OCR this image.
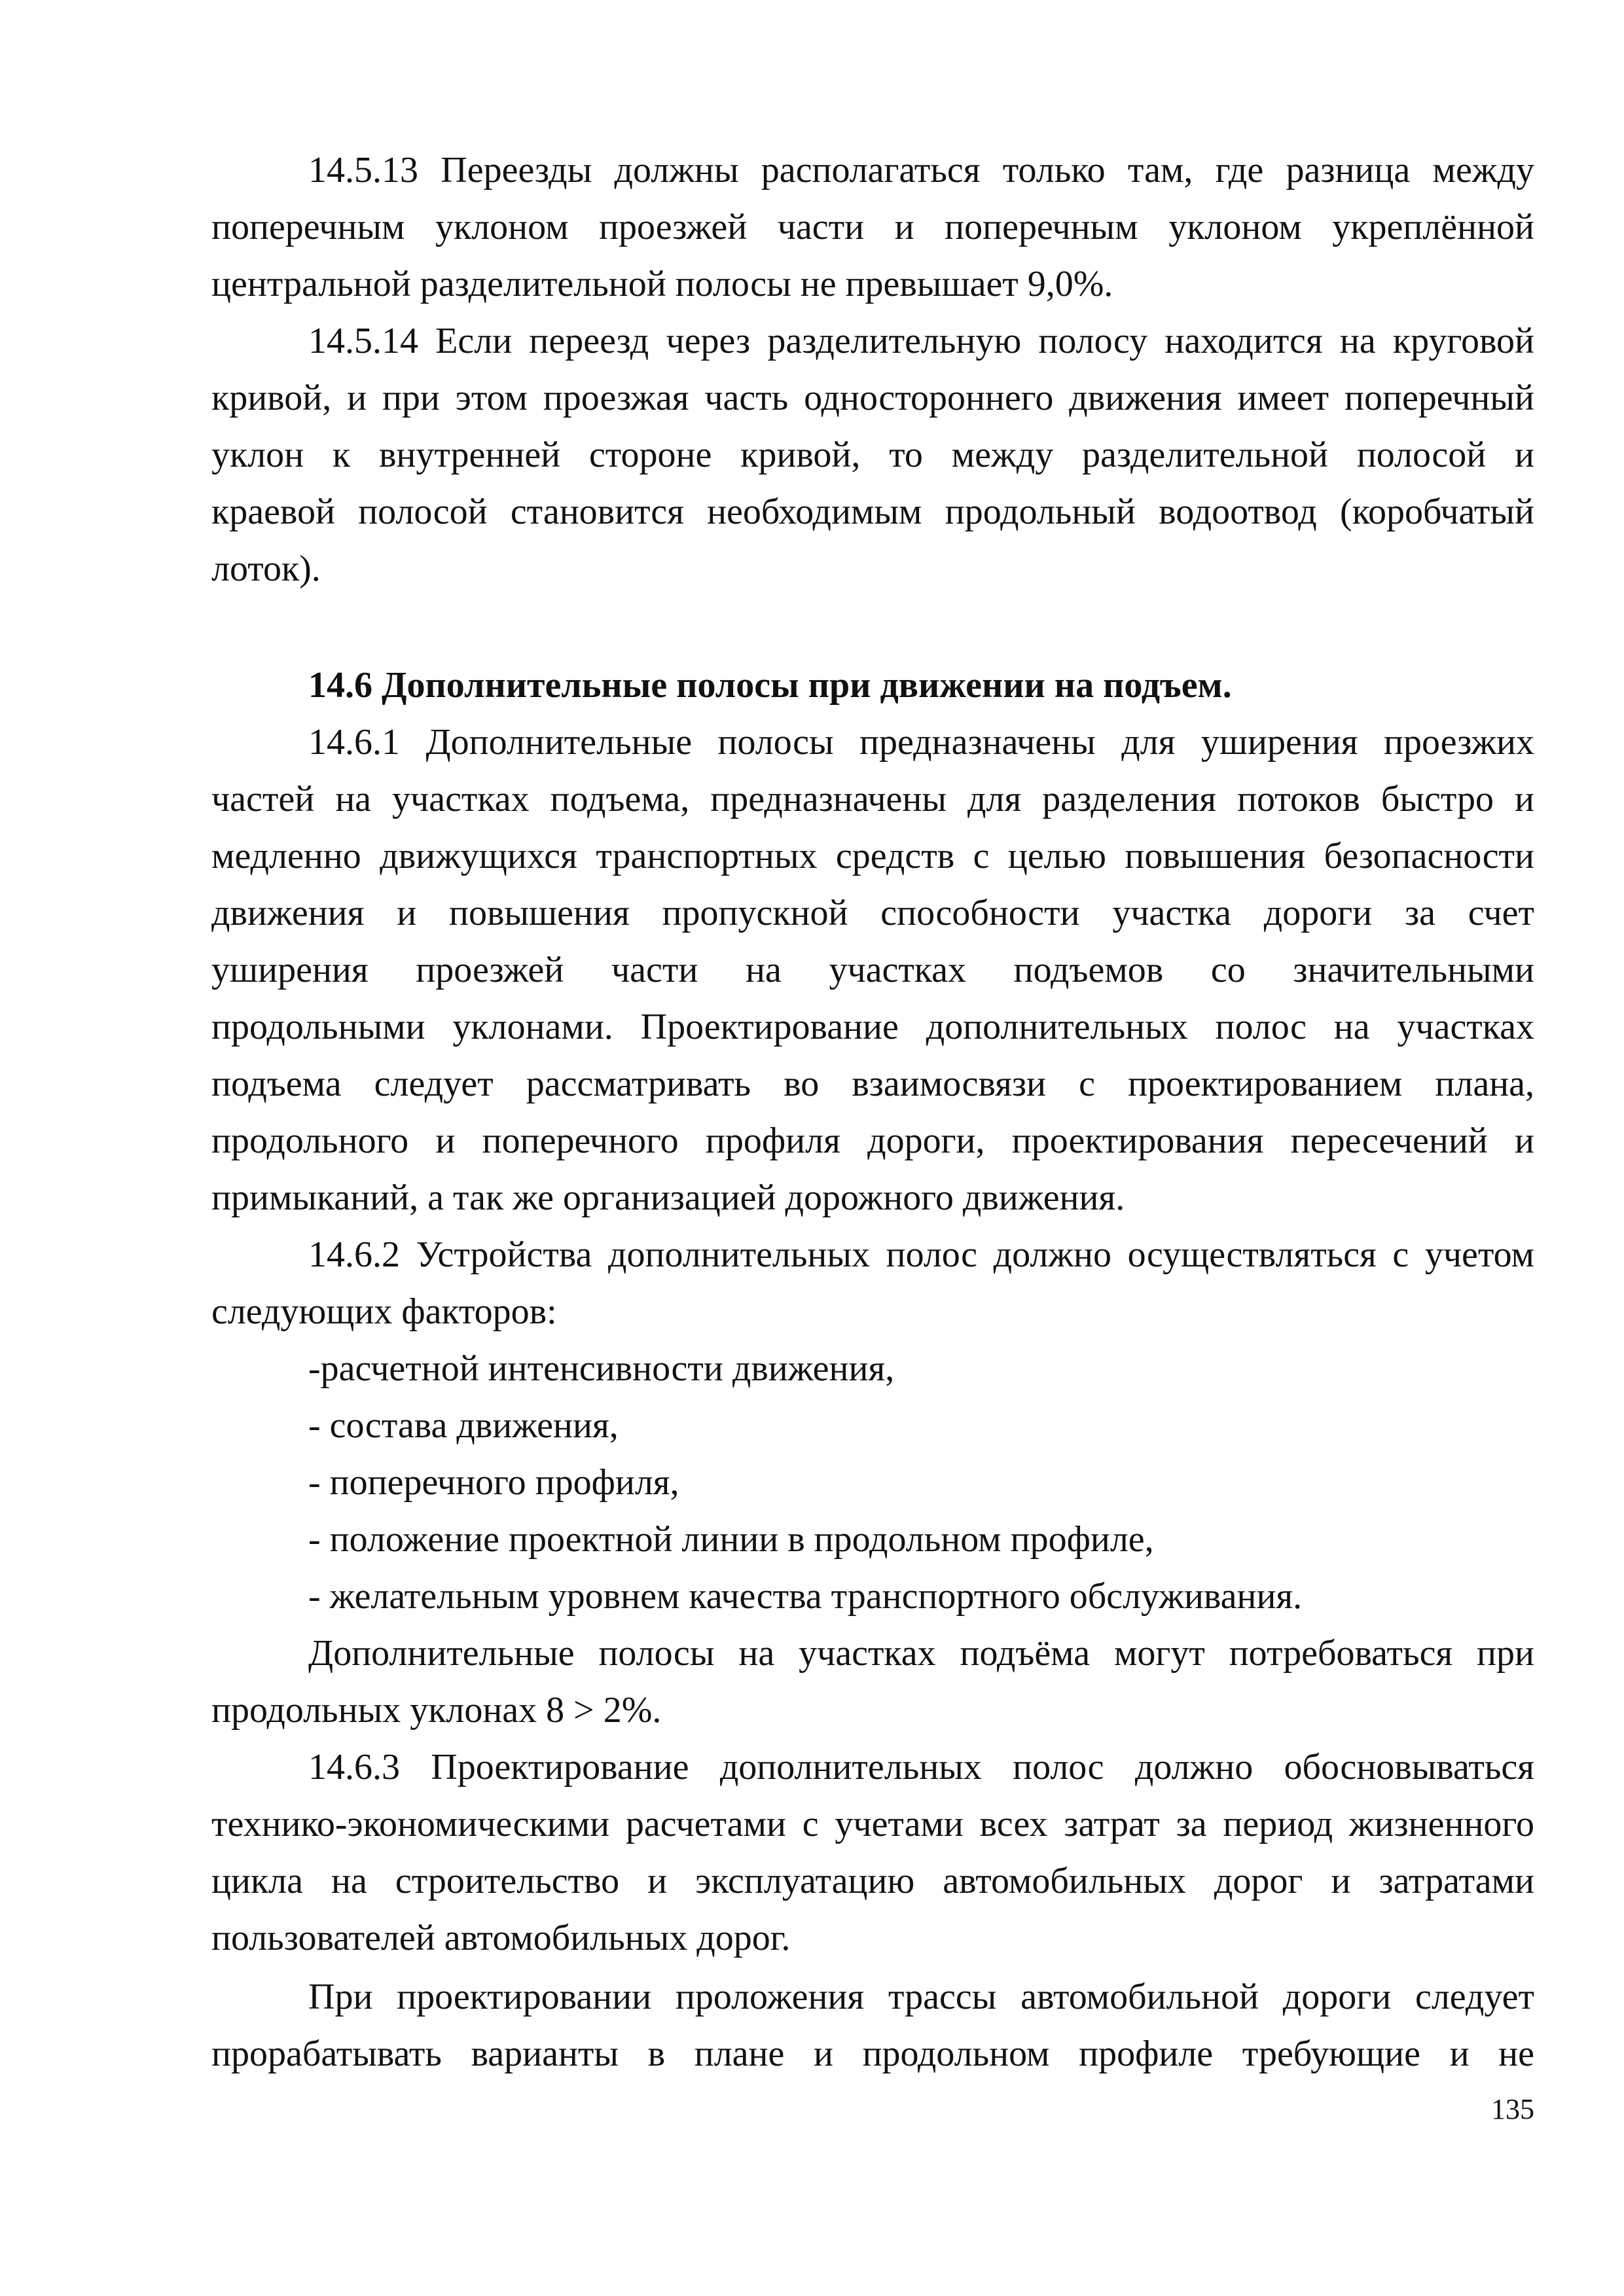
14.5.13 Переезды должны располагаться только там, где разница между
поперечным уклоном проезжей части и поперечным уклоном укреплённой
центральной разделительной полосы не превышает 9,0%.
14.5.14 Если переезд через разделительную полосу находится на круговой
кривой, и при этом проезжая часть одностороннего движения имеет поперечный
уклон к внутренней стороне кривой, то между разделительной полосой и
краевой полосой становится необходимым продольный водоотвод (коробчатый
лоток).
14.6 Дополнительные полосы при движении на подъем.
14.6.1 Дополнительные полосы предназначены для уширения проезжих
частей на участках подъема, предназначены для разделения потоков быстро и
медленно движущихся транспортных средств с целью повышения безопасности
движения и повышения пропускной способности участка дороги за счет
уширения проезжей части на участках подъемов со значительными
продольными уклонами. Проектирование дополнительных полос на участках
подъема следует рассматривать во взаимосвязи с проектированием плана,
продольного и поперечного профиля дороги, проектирования пересечений и
примыканий, а так же организацией дорожного движения.
14.6.2 Устройства дополнительных полос должно осуществляться с учетом
следующих факторов:
-расчетной интенсивности движения,
- состава движения,
- поперечного профиля,
- положение проектной линии в продольном профиле,
- желательным уровнем качества транспортного обслуживания.
Дополнительные полосы на участках подъёма могут потребоваться при
продольных уклонах 8 > 2%.
14.6.3 Проектирование дополнительных полос должно обосновываться
технико-экономическими расчетами с учетами всех затрат за период жизненного
цикла на строительство и эксплуатацию автомобильных дорог и затратами
пользователей автомобильных дорог.
При проектировании проложения трассы автомобильной дороги следует
прорабатывать варианты в плане и продольном профиле требующие и не
135
